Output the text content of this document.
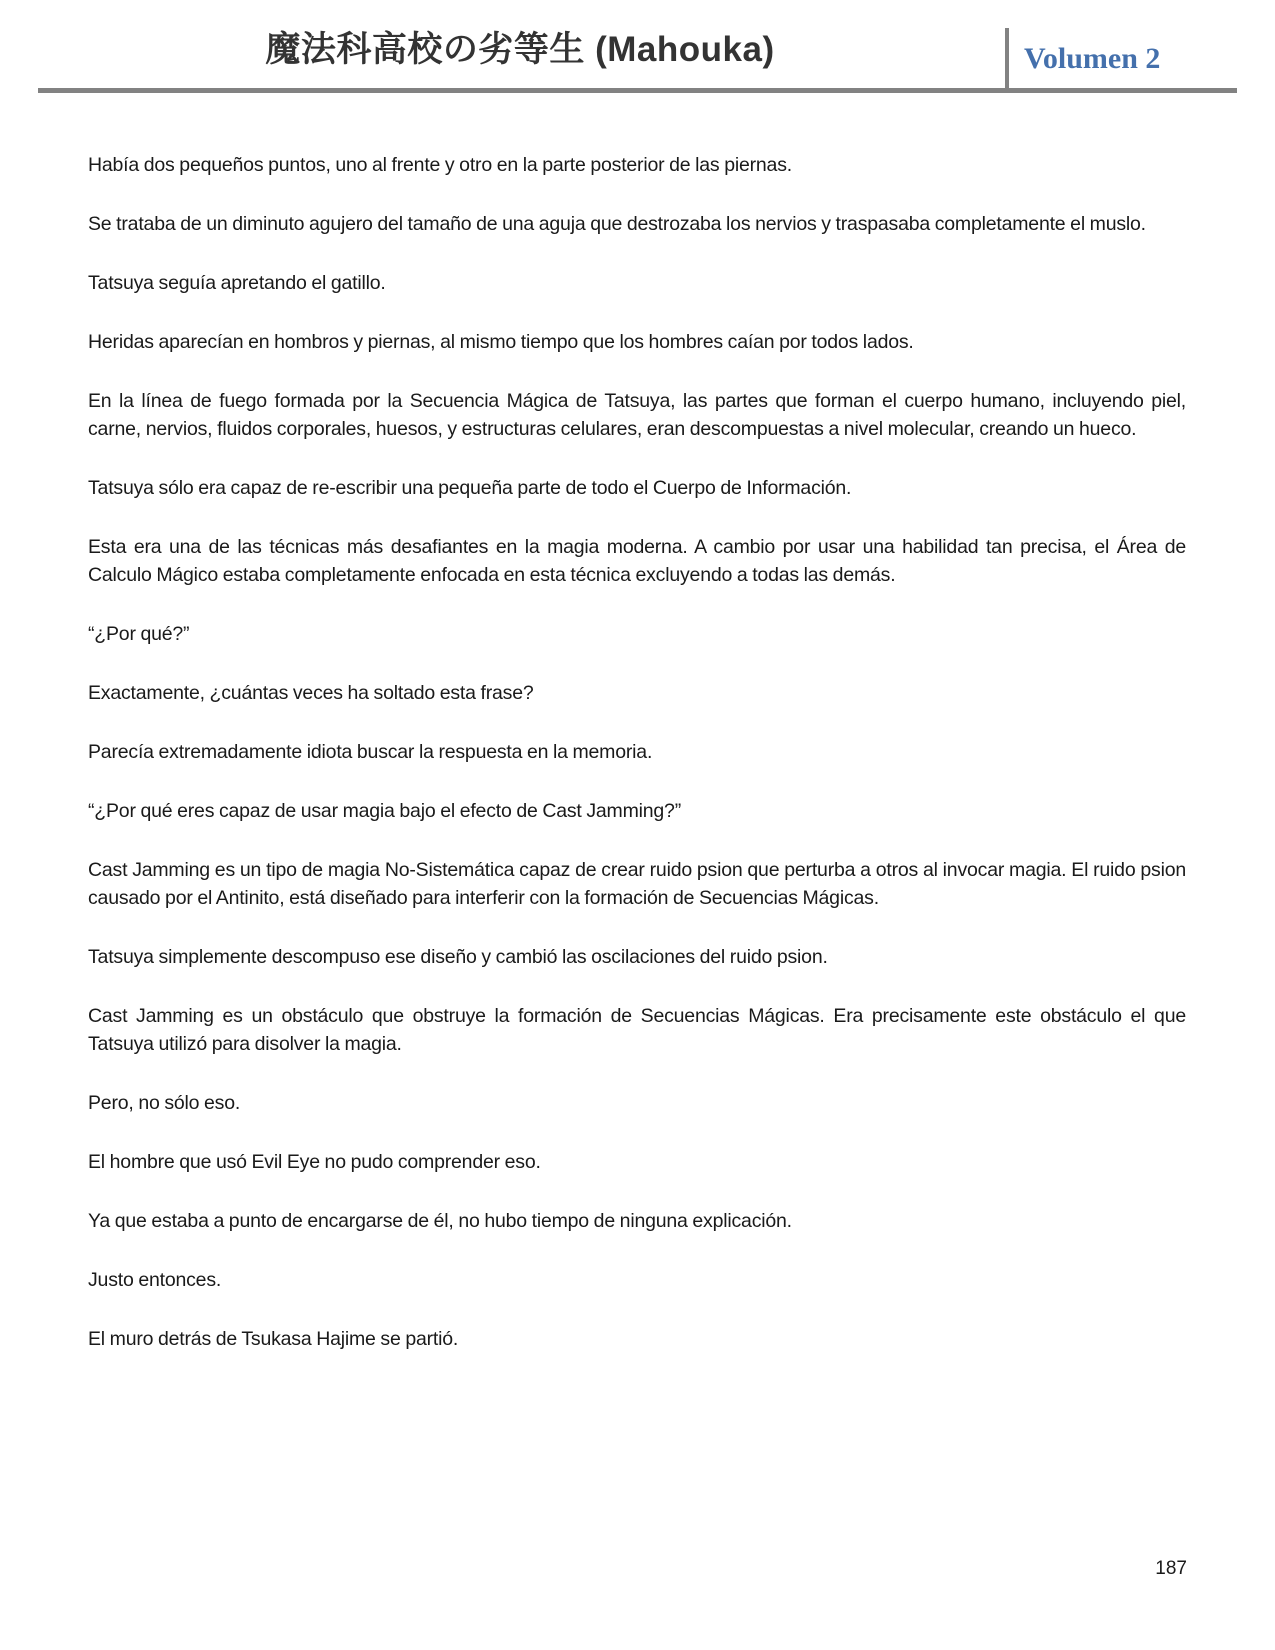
魔法科高校の劣等生 (Mahouka)	Volumen 2

Había dos pequeños puntos, uno al frente y otro en la parte posterior de las piernas.

Se trataba de un diminuto agujero del tamaño de una aguja que destrozaba los nervios y traspasaba completamente el muslo.

Tatsuya seguía apretando el gatillo.

Heridas aparecían en hombros y piernas, al mismo tiempo que los hombres caían por todos lados.

En la línea de fuego formada por la Secuencia Mágica de Tatsuya, las partes que forman el cuerpo humano, incluyendo piel, carne, nervios, fluidos corporales, huesos, y estructuras celulares, eran descompuestas a nivel molecular, creando un hueco.

Tatsuya sólo era capaz de re-escribir una pequeña parte de todo el Cuerpo de Información.

Esta era una de las técnicas más desafiantes en la magia moderna. A cambio por usar una habilidad tan precisa, el Área de Calculo Mágico estaba completamente enfocada en esta técnica excluyendo a todas las demás.

“¿Por qué?”

Exactamente, ¿cuántas veces ha soltado esta frase?

Parecía extremadamente idiota buscar la respuesta en la memoria.

“¿Por qué eres capaz de usar magia bajo el efecto de Cast Jamming?”

Cast Jamming es un tipo de magia No-Sistemática capaz de crear ruido psion que perturba a otros al invocar magia. El ruido psion causado por el Antinito, está diseñado para interferir con la formación de Secuencias Mágicas.

Tatsuya simplemente descompuso ese diseño y cambió las oscilaciones del ruido psion.

Cast Jamming es un obstáculo que obstruye la formación de Secuencias Mágicas. Era precisamente este obstáculo el que Tatsuya utilizó para disolver la magia.

Pero, no sólo eso.

El hombre que usó Evil Eye no pudo comprender eso.

Ya que estaba a punto de encargarse de él, no hubo tiempo de ninguna explicación.

Justo entonces.

El muro detrás de Tsukasa Hajime se partió.

187
